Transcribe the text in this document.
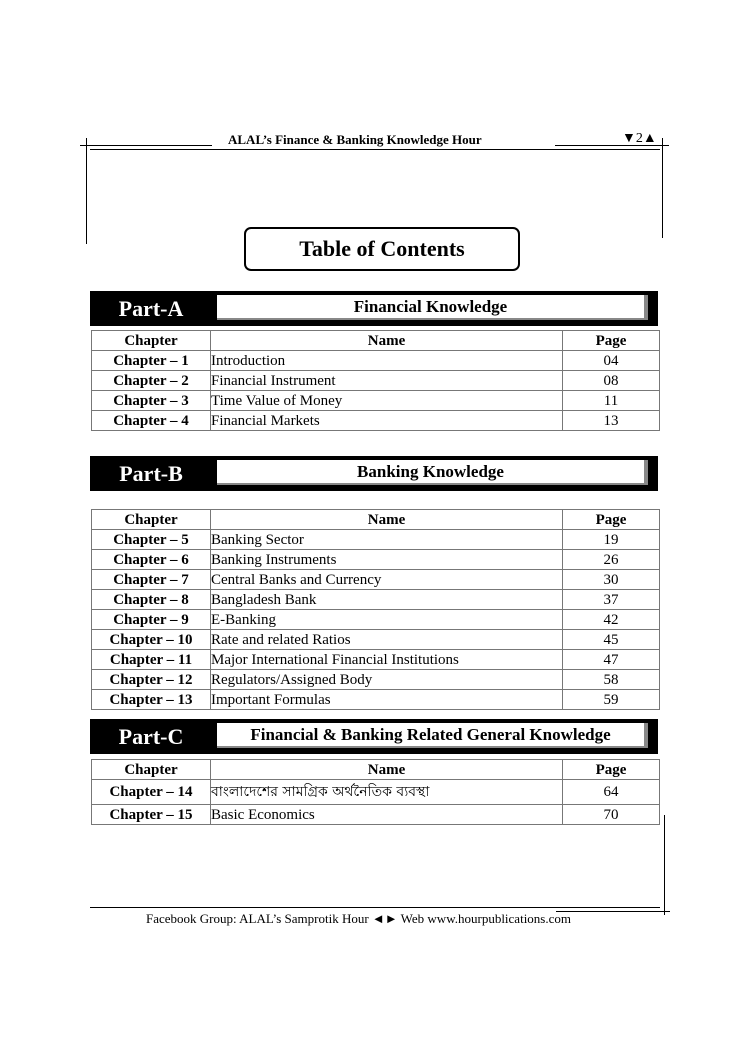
ALAL’s Finance & Banking Knowledge Hour	▼2▲
Table of Contents
Part-A	Financial Knowledge
Chapter	Name	Page
Chapter – 1	Introduction	04
Chapter – 2	Financial Instrument	08
Chapter – 3	Time Value of Money	11
Chapter – 4	Financial Markets	13
Part-B	Banking Knowledge
Chapter	Name	Page
Chapter – 5	Banking Sector	19
Chapter – 6	Banking Instruments	26
Chapter – 7	Central Banks and Currency	30
Chapter – 8	Bangladesh Bank	37
Chapter – 9	E-Banking	42
Chapter – 10	Rate and related Ratios	45
Chapter – 11	Major International Financial Institutions	47
Chapter – 12	Regulators/Assigned Body	58
Chapter – 13	Important Formulas	59
Part-C	Financial & Banking Related General Knowledge
Chapter	Name	Page
Chapter – 14	বাংলাদেশের সামগ্রিক অর্থনৈতিক ব্যবস্থা	64
Chapter – 15	Basic Economics	70
Facebook Group: ALAL’s Samprotik Hour ◄► Web www.hourpublications.com
